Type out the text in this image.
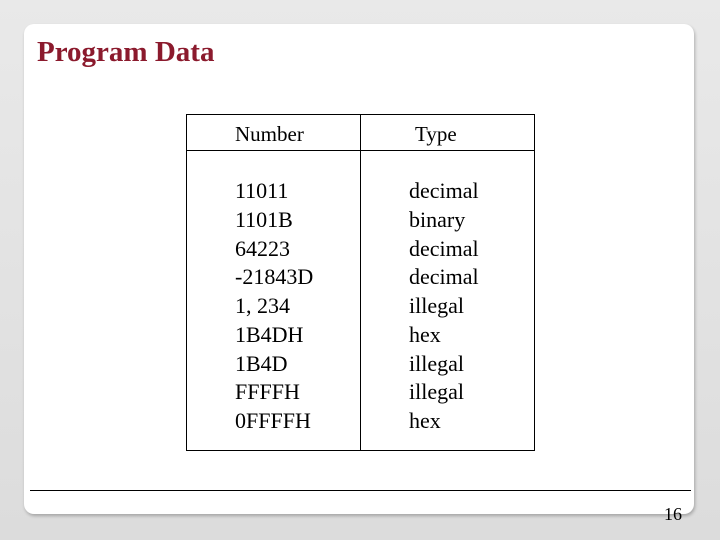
Program Data
Number	Type
11011
1101B
64223
-21843D
1, 234
1B4DH
1B4D
FFFFH
0FFFFH
decimal
binary
decimal
decimal
illegal
hex
illegal
illegal
hex
16
